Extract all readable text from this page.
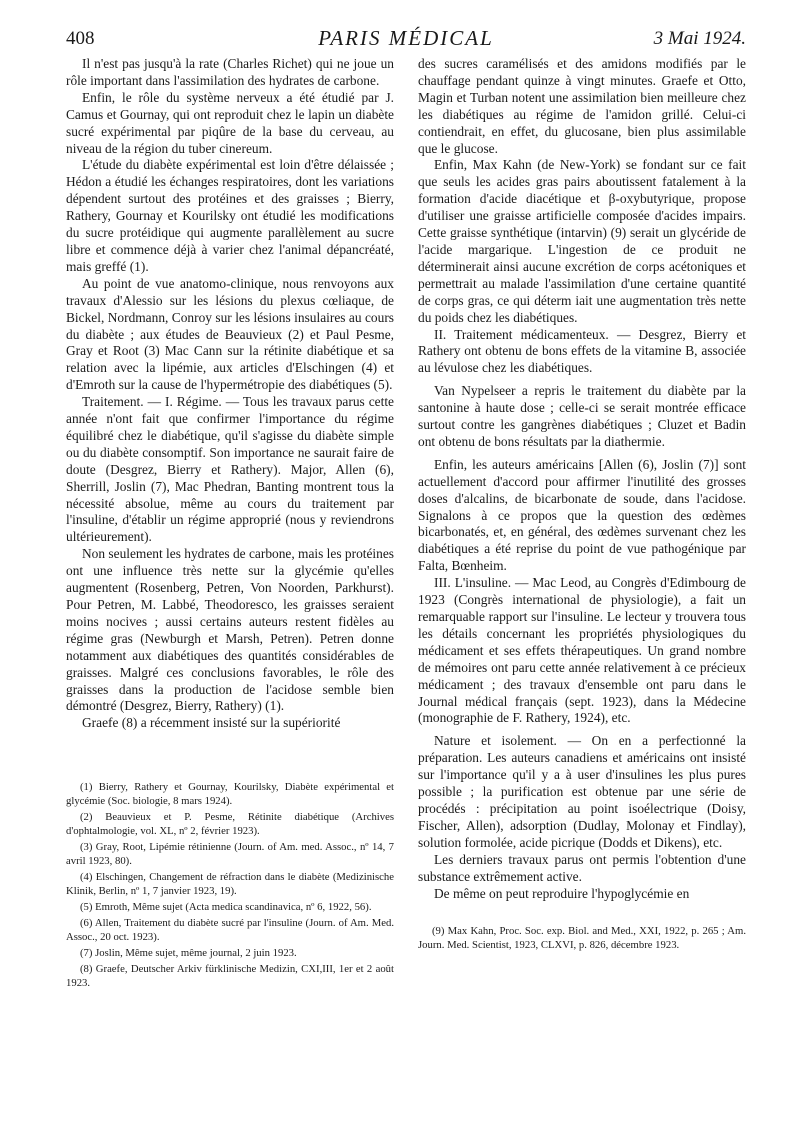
408	PARIS MÉDICAL	3 Mai 1924.

Il n'est pas jusqu'à la rate (Charles Richet) qui ne joue un rôle important dans l'assimilation des hydrates de carbone.

Enfin, le rôle du système nerveux a été étudié par J. Camus et Gournay, qui ont reproduit chez le lapin un diabète sucré expérimental par piqûre de la base du cerveau, au niveau de la région du tuber cinereum.

L'étude du diabète expérimental est loin d'être délaissée ; Hédon a étudié les échanges respiratoires, dont les variations dépendent surtout des protéines et des graisses ; Bierry, Rathery, Gournay et Kourilsky ont étudié les modifications du sucre protéidique qui augmente parallèlement au sucre libre et commence déjà à varier chez l'animal dépancréaté, mais greffé (1).

Au point de vue anatomo-clinique, nous renvoyons aux travaux d'Alessio sur les lésions du plexus cœliaque, de Bickel, Nordmann, Conroy sur les lésions insulaires au cours du diabète ; aux études de Beauvieux (2) et Paul Pesme, Gray et Root (3) Mac Cann sur la rétinite diabétique et sa relation avec la lipémie, aux articles d'Elschingen (4) et d'Emroth sur la cause de l'hypermétropie des diabétiques (5).

Traitement. — I. Régime. — Tous les travaux parus cette année n'ont fait que confirmer l'importance du régime équilibré chez le diabétique, qu'il s'agisse du diabète simple ou du diabète consomptif. Son importance ne saurait faire de doute (Desgrez, Bierry et Rathery). Major, Allen (6), Sherrill, Joslin (7), Mac Phedran, Banting montrent tous la nécessité absolue, même au cours du traitement par l'insuline, d'établir un régime approprié (nous y reviendrons ultérieurement).

Non seulement les hydrates de carbone, mais les protéines ont une influence très nette sur la glycémie qu'elles augmentent (Rosenberg, Petren, Von Noorden, Parkhurst). Pour Petren, M. Labbé, Theodoresco, les graisses seraient moins nocives ; aussi certains auteurs restent fidèles au régime gras (Newburgh et Marsh, Petren). Petren donne notamment aux diabétiques des quantités considérables de graisses. Malgré ces conclusions favorables, le rôle des graisses dans la production de l'acidose semble bien démontré (Desgrez, Bierry, Rathery) (1).

Graefe (8) a récemment insisté sur la supériorité

(1) Bierry, Rathery et Gournay, Kourilsky, Diabète expérimental et glycémie (Soc. biologie, 8 mars 1924).

(2) Beauvieux et P. Pesme, Rétinite diabétique (Archives d'ophtalmologie, vol. XL, nº 2, février 1923).

(3) Gray, Root, Lipémie rétinienne (Journ. of Am. med. Assoc., nº 14, 7 avril 1923, 80).

(4) Elschingen, Changement de réfraction dans le diabète (Medizinische Klinik, Berlin, nº 1, 7 janvier 1923, 19).

(5) Emroth, Même sujet (Acta medica scandinavica, nº 6, 1922, 56).

(6) Allen, Traitement du diabète sucré par l'insuline (Journ. of Am. Med. Assoc., 20 oct. 1923).

(7) Joslin, Même sujet, même journal, 2 juin 1923.

(8) Graefe, Deutscher Arkiv fürklinische Medizin, CXI,III, 1er et 2 août 1923.

des sucres caramélisés et des amidons modifiés par le chauffage pendant quinze à vingt minutes. Graefe et Otto, Magin et Turban notent une assimilation bien meilleure chez les diabétiques au régime de l'amidon grillé. Celui-ci contiendrait, en effet, du glucosane, bien plus assimilable que le glucose.

Enfin, Max Kahn (de New-York) se fondant sur ce fait que seuls les acides gras pairs aboutissent fatalement à la formation d'acide diacétique et β-oxybutyrique, propose d'utiliser une graisse artificielle composée d'acides impairs. Cette graisse synthétique (intarvin) (9) serait un glycéride de l'acide margarique. L'ingestion de ce produit ne déterminerait ainsi aucune excrétion de corps acétoniques et permettrait au malade l'assimilation d'une certaine quantité de corps gras, ce qui déterm iait une augmentation très nette du poids chez les diabétiques.

II. Traitement médicamenteux. — Desgrez, Bierry et Rathery ont obtenu de bons effets de la vitamine B, associée au lévulose chez les diabétiques.

Van Nypelseer a repris le traitement du diabète par la santonine à haute dose ; celle-ci se serait montrée efficace surtout contre les gangrènes diabétiques ; Cluzet et Badin ont obtenu de bons résultats par la diathermie.

Enfin, les auteurs américains [Allen (6), Joslin (7)] sont actuellement d'accord pour affirmer l'inutilité des grosses doses d'alcalins, de bicarbonate de soude, dans l'acidose. Signalons à ce propos que la question des œdèmes bicarbonatés, et, en général, des œdèmes survenant chez les diabétiques a été reprise du point de vue pathogénique par Falta, Bœnheim.

III. L'insuline. — Mac Leod, au Congrès d'Edimbourg de 1923 (Congrès international de physiologie), a fait un remarquable rapport sur l'insuline. Le lecteur y trouvera tous les détails concernant les propriétés physiologiques du médicament et ses effets thérapeutiques. Un grand nombre de mémoires ont paru cette année relativement à ce précieux médicament ; des travaux d'ensemble ont paru dans le Journal médical français (sept. 1923), dans la Médecine (monographie de F. Rathery, 1924), etc.

Nature et isolement. — On en a perfectionné la préparation. Les auteurs canadiens et américains ont insisté sur l'importance qu'il y a à user d'insulines les plus pures possible ; la purification est obtenue par une série de procédés : précipitation au point isoélectrique (Doisy, Fischer, Allen), adsorption (Dudlay, Molonay et Findlay), solution formolée, acide picrique (Dodds et Dikens), etc.

Les derniers travaux parus ont permis l'obtention d'une substance extrêmement active.

De même on peut reproduire l'hypoglycémie en

(9) Max Kahn, Proc. Soc. exp. Biol. and Med., XXI, 1922, p. 265 ; Am. Journ. Med. Scientist, 1923, CLXVI, p. 826, décembre 1923.
